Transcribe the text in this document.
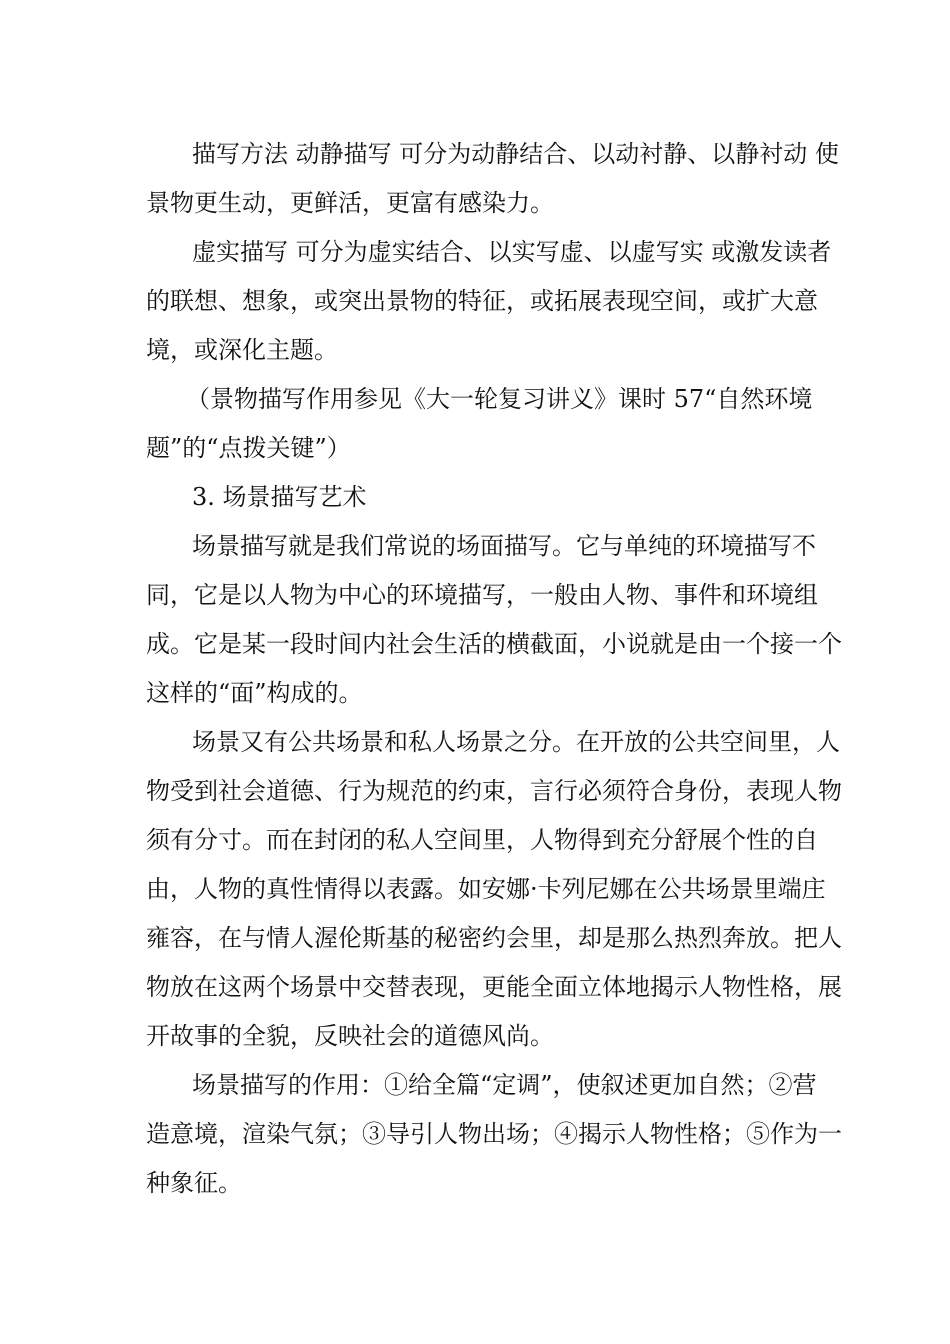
描写方法 动静描写 可分为动静结合、以动衬静、以静衬动 使
景物更生动，更鲜活，更富有感染力。
虚实描写 可分为虚实结合、以实写虚、以虚写实 或激发读者
的联想、想象，或突出景物的特征，或拓展表现空间，或扩大意
境，或深化主题。
（景物描写作用参见《大一轮复习讲义》课时 57“自然环境
题”的“点拨关键”）
3. 场景描写艺术
场景描写就是我们常说的场面描写。它与单纯的环境描写不
同，它是以人物为中心的环境描写，一般由人物、事件和环境组
成。它是某一段时间内社会生活的横截面，小说就是由一个接一个
这样的“面”构成的。
场景又有公共场景和私人场景之分。在开放的公共空间里，人
物受到社会道德、行为规范的约束，言行必须符合身份，表现人物
须有分寸。而在封闭的私人空间里，人物得到充分舒展个性的自
由，人物的真性情得以表露。如安娜·卡列尼娜在公共场景里端庄
雍容，在与情人渥伦斯基的秘密约会里，却是那么热烈奔放。把人
物放在这两个场景中交替表现，更能全面立体地揭示人物性格，展
开故事的全貌，反映社会的道德风尚。
场景描写的作用：①给全篇“定调”，使叙述更加自然；②营
造意境，渲染气氛；③导引人物出场；④揭示人物性格；⑤作为一
种象征。
